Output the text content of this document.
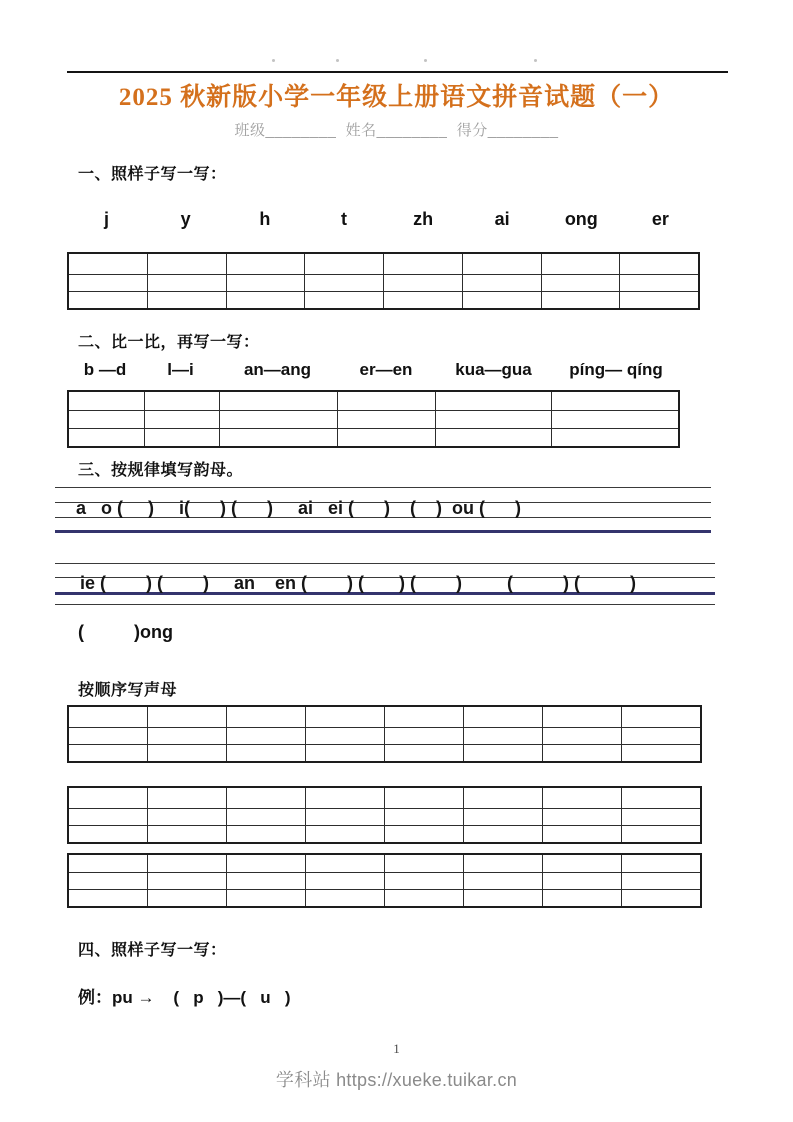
2025 秋新版小学一年级上册语文拼音试题（一）
班级________  姓名________  得分________
一、照样子写一写：
j	y	h	t	zh	ai	ong	er
二、比一比，再写一写：
b —d	l—i	an—ang	er—en	kua—gua	píng— qíng
三、按规律填写韵母。
a   o (     )     i(      ) (      )     ai   ei (      )    (    )  ou (      )
ie (        ) (        )     an    en (        ) (       ) (        )         (          ) (          )
(          )ong
按顺序写声母
四、照样子写一写：
例：pu →    (   p   )—(   u   )
1
学科站 https://xueke.tuikar.cn
